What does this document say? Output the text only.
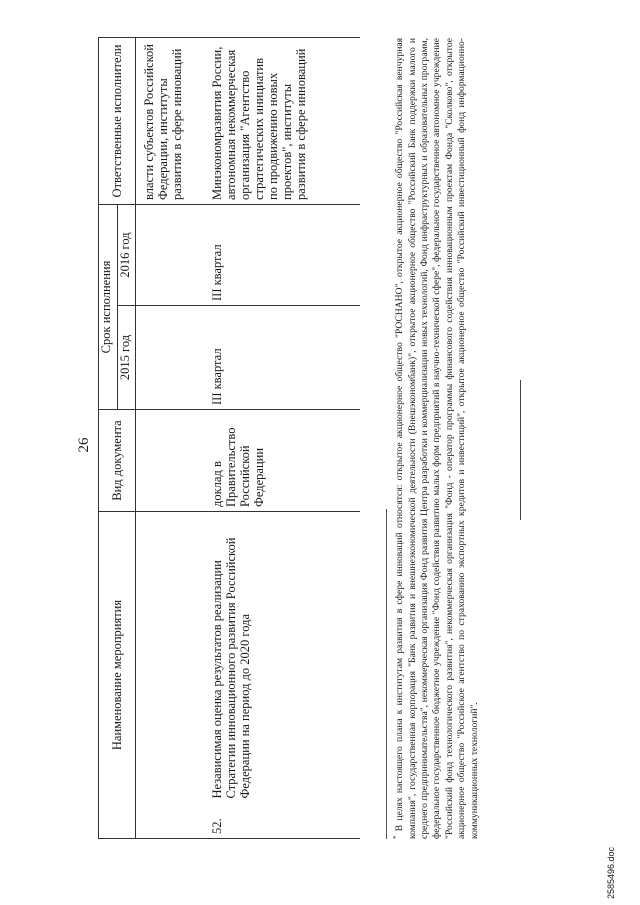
26
Наименование мероприятия		Вид документа	Срок исполнения		Ответственные исполнители
			2015 год	2016 год	
					власти субъектов Российской Федерации, институты развития в сфере инноваций
52.	Независимая оценка результатов реализации Стратегии инновационного развития Российской Федерации на период до 2020 года	доклад в Правительство Российской Федерации	III квартал	III квартал	Минэкономразвития России, автономная некоммерческая организация "Агентство стратегических инициатив по продвижению новых проектов", институты развития в сфере инноваций
* В целях настоящего плана к институтам развития в сфере инноваций относятся: открытое акционерное общество "РОСНАНО", открытое акционерное общество "Российская венчурная компания", государственная корпорация "Банк развития и внешнеэкономической деятельности (Внешэкономбанк)", открытое акционерное общество "Российский Банк поддержки малого и среднего предпринимательства", некоммерческая организация Фонд развития Центра разработки и коммерциализации новых технологий, Фонд инфраструктурных и образовательных программ, федеральное государственное бюджетное учреждение "Фонд содействия развитию малых форм предприятий в научно-технической сфере", федеральное государственное автономное учреждение "Российский фонд технологического развития", некоммерческая организация "Фонд - оператор программы финансового содействия инновационным проектам Фонда "Сколково", открытое акционерное общество "Российское агентство по страхованию экспортных кредитов и инвестиций", открытое акционерное общество "Российский инвестиционный фонд информационно-коммуникационных технологий".
2585496.doc
